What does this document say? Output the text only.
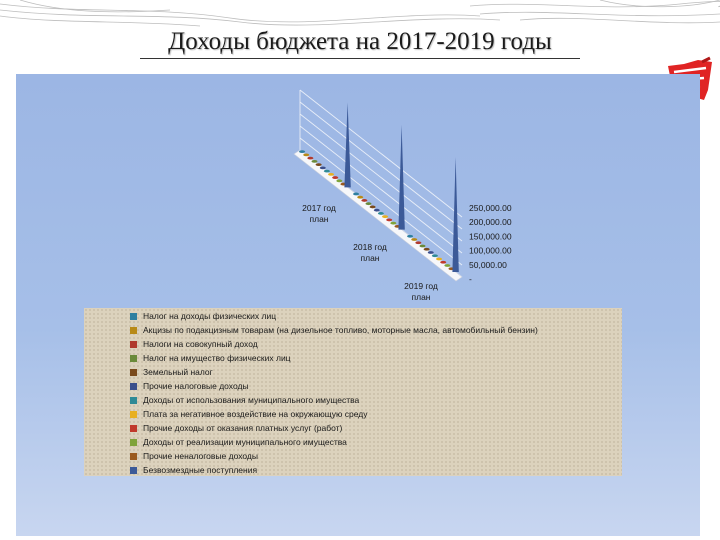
Доходы бюджета на 2017-2019 годы
250,000.00
200,000.00
150,000.00
100,000.00
50,000.00
-
2017 год план
2018 год план
2019 год план
Налог на доходы физических лиц
Акцизы по подакцизным товарам (на дизельное топливо, моторные масла, автомобильный бензин)
Налоги на совокупный доход
Налог на имущество физических лиц
Земельный налог
Прочие налоговые доходы
Доходы от использования муниципального имущества
Плата за негативное воздействие на окружающую среду
Прочие доходы от оказания платных услуг (работ)
Доходы от реализации муниципального имущества
Прочие неналоговые доходы
Безвозмездные поступления
